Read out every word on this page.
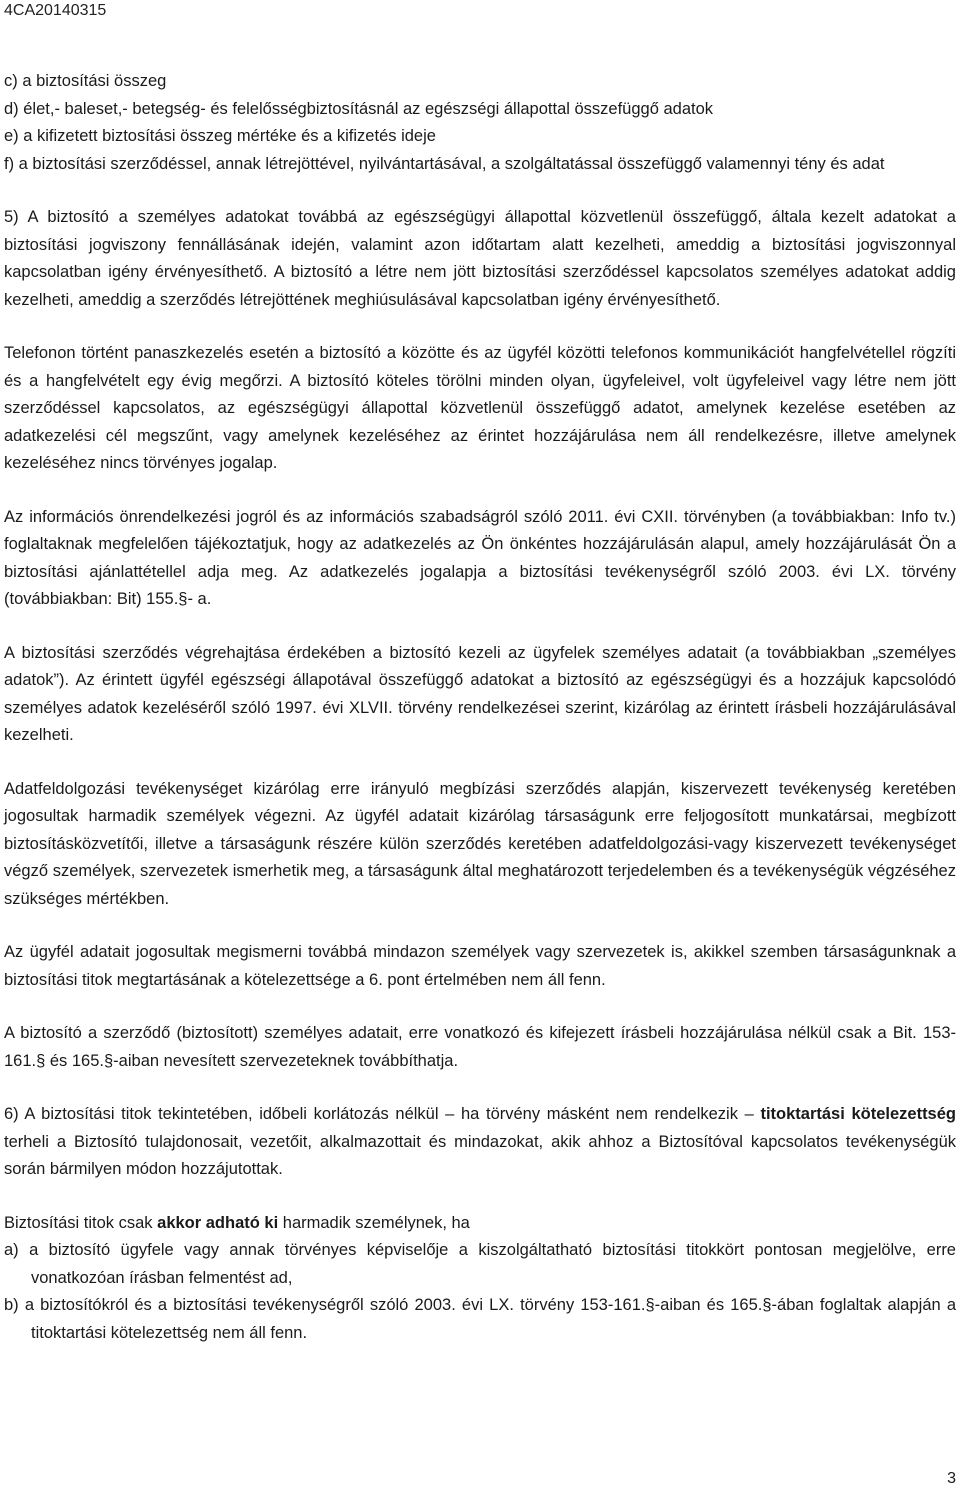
4CA20140315

c) a biztosítási összeg

d) élet,- baleset,- betegség- és felelősségbiztosításnál az egészségi állapottal összefüggő adatok

e) a kifizetett biztosítási összeg mértéke és a kifizetés ideje

f) a biztosítási szerződéssel, annak létrejöttével, nyilvántartásával, a szolgáltatással összefüggő valamennyi tény és adat

5) A biztosító a személyes adatokat továbbá az egészségügyi állapottal közvetlenül összefüggő, általa kezelt adatokat a biztosítási jogviszony fennállásának idején, valamint azon időtartam alatt kezelheti, ameddig a biztosítási jogviszonnyal kapcsolatban igény érvényesíthető. A biztosító a létre nem jött biztosítási szerződéssel kapcsolatos személyes adatokat addig kezelheti, ameddig a szerződés létrejöttének meghiúsulásával kapcsolatban igény érvényesíthető.

Telefonon történt panaszkezelés esetén a biztosító a közötte és az ügyfél közötti telefonos kommunikációt hangfelvétellel rögzíti és a hangfelvételt egy évig megőrzi. A biztosító köteles törölni minden olyan, ügyfeleivel, volt ügyfeleivel vagy létre nem jött szerződéssel kapcsolatos, az egészségügyi állapottal közvetlenül összefüggő adatot, amelynek kezelése esetében az adatkezelési cél megszűnt, vagy amelynek kezeléséhez az érintet hozzájárulása nem áll rendelkezésre, illetve amelynek kezeléséhez nincs törvényes jogalap.

Az információs önrendelkezési jogról és az információs szabadságról szóló 2011. évi CXII. törvényben (a továbbiakban: Info tv.) foglaltaknak megfelelően tájékoztatjuk, hogy az adatkezelés az Ön önkéntes hozzájárulásán alapul, amely hozzájárulását Ön a biztosítási ajánlattétellel adja meg. Az adatkezelés jogalapja a biztosítási tevékenységről szóló 2003. évi LX. törvény (továbbiakban: Bit) 155.§- a.

A biztosítási szerződés végrehajtása érdekében a biztosító kezeli az ügyfelek személyes adatait (a továbbiakban „személyes adatok”). Az érintett ügyfél egészségi állapotával összefüggő adatokat a biztosító az egészségügyi és a hozzájuk kapcsolódó személyes adatok kezeléséről szóló 1997. évi XLVII. törvény rendelkezései szerint, kizárólag az érintett írásbeli hozzájárulásával kezelheti.

Adatfeldolgozási tevékenységet kizárólag erre irányuló megbízási szerződés alapján, kiszervezett tevékenység keretében jogosultak harmadik személyek végezni. Az ügyfél adatait kizárólag társaságunk erre feljogosított munkatársai, megbízott biztosításközvetítői, illetve a társaságunk részére külön szerződés keretében adatfeldolgozási-vagy kiszervezett tevékenységet végző személyek, szervezetek ismerhetik meg, a társaságunk által meghatározott terjedelemben és a tevékenységük végzéséhez szükséges mértékben.

Az ügyfél adatait jogosultak megismerni továbbá mindazon személyek vagy szervezetek is, akikkel szemben társaságunknak a biztosítási titok megtartásának a kötelezettsége a 6. pont értelmében nem áll fenn.

A biztosító a szerződő (biztosított) személyes adatait, erre vonatkozó és kifejezett írásbeli hozzájárulása nélkül csak a Bit. 153-161.§ és 165.§-aiban nevesített szervezeteknek továbbíthatja.

6) A biztosítási titok tekintetében, időbeli korlátozás nélkül – ha törvény másként nem rendelkezik – titoktartási kötelezettség terheli a Biztosító tulajdonosait, vezetőit, alkalmazottait és mindazokat, akik ahhoz a Biztosítóval kapcsolatos tevékenységük során bármilyen módon hozzájutottak.

Biztosítási titok csak akkor adható ki harmadik személynek, ha

a) a biztosító ügyfele vagy annak törvényes képviselője a kiszolgáltatható biztosítási titokkört pontosan megjelölve, erre vonatkozóan írásban felmentést ad,

b) a biztosítókról és a biztosítási tevékenységről szóló 2003. évi LX. törvény 153-161.§-aiban és 165.§-ában foglaltak alapján a titoktartási kötelezettség nem áll fenn.

3
